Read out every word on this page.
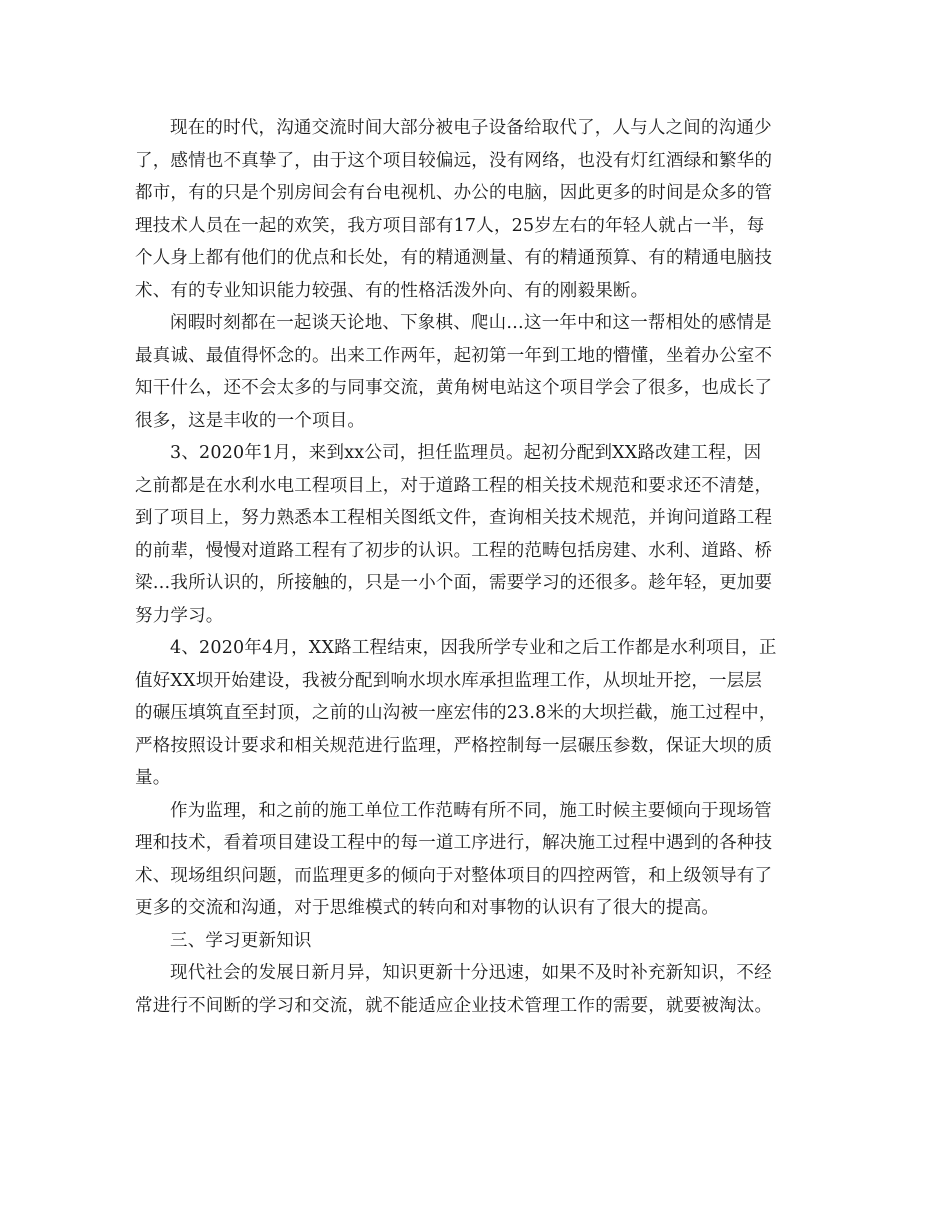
现在的时代，沟通交流时间大部分被电子设备给取代了，人与人之间的沟通少
了，感情也不真挚了，由于这个项目较偏远，没有网络，也没有灯红酒绿和繁华的
都市，有的只是个别房间会有台电视机、办公的电脑，因此更多的时间是众多的管
理技术人员在一起的欢笑，我方项目部有17人，25岁左右的年轻人就占一半，每
个人身上都有他们的优点和长处，有的精通测量、有的精通预算、有的精通电脑技
术、有的专业知识能力较强、有的性格活泼外向、有的刚毅果断。
闲暇时刻都在一起谈天论地、下象棋、爬山…这一年中和这一帮相处的感情是
最真诚、最值得怀念的。出来工作两年，起初第一年到工地的懵懂，坐着办公室不
知干什么，还不会太多的与同事交流，黄角树电站这个项目学会了很多，也成长了
很多，这是丰收的一个项目。
3、2020年1月，来到xx公司，担任监理员。起初分配到XX路改建工程，因
之前都是在水利水电工程项目上，对于道路工程的相关技术规范和要求还不清楚，
到了项目上，努力熟悉本工程相关图纸文件，查询相关技术规范，并询问道路工程
的前辈，慢慢对道路工程有了初步的认识。工程的范畴包括房建、水利、道路、桥
梁…我所认识的，所接触的，只是一小个面，需要学习的还很多。趁年轻，更加要
努力学习。
4、2020年4月，XX路工程结束，因我所学专业和之后工作都是水利项目，正
值好XX坝开始建设，我被分配到响水坝水库承担监理工作，从坝址开挖，一层层
的碾压填筑直至封顶，之前的山沟被一座宏伟的23.8米的大坝拦截，施工过程中，
严格按照设计要求和相关规范进行监理，严格控制每一层碾压参数，保证大坝的质
量。
作为监理，和之前的施工单位工作范畴有所不同，施工时候主要倾向于现场管
理和技术，看着项目建设工程中的每一道工序进行，解决施工过程中遇到的各种技
术、现场组织问题，而监理更多的倾向于对整体项目的四控两管，和上级领导有了
更多的交流和沟通，对于思维模式的转向和对事物的认识有了很大的提高。
三、学习更新知识
现代社会的发展日新月异，知识更新十分迅速，如果不及时补充新知识，不经
常进行不间断的学习和交流，就不能适应企业技术管理工作的需要，就要被淘汰。
